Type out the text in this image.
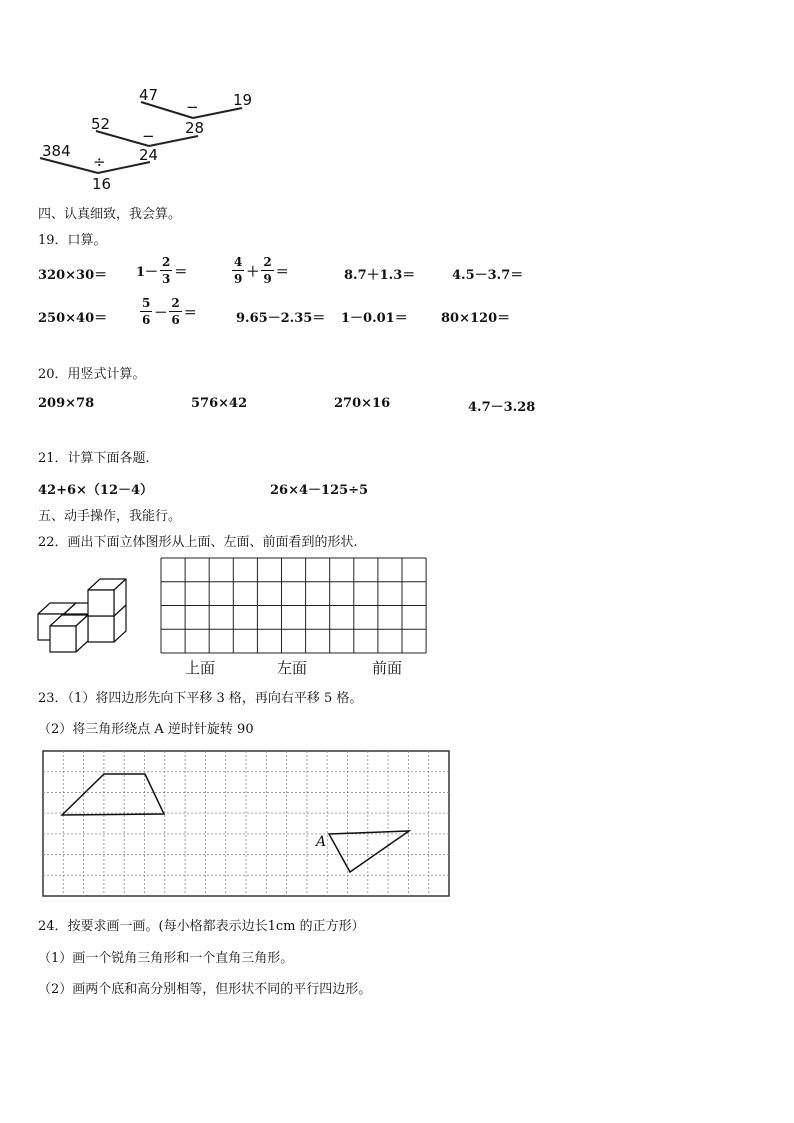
47
− 19
52	28
−
384
÷ 24
16
四、认真细致，我会算。
19．口算。
$320\times 30= 1- \frac{2}{3}$ ＝	$\frac{4}{9} + \frac{2}{9}$ ＝	8.7＋1.3＝	4.5－3.7＝
250×40＝	$\frac{5}{6} - \frac{2}{6}$ ＝	9.65－2.35＝ 1－0.01＝	80×120＝
20．用竖式计算。
209×78	576×42	270×16	4.7－3.28
21．计算下面各题.
42+6×（12－4）	26×4－125÷5
五、动手操作，我能行。
22．画出下面立体图形从上面、左面、前面看到的形状.
上面	左面	前面
23．（1）将四边形先向下平移 3 格，再向右平移 5 格。
（2）将三角形绕点 A 逆时针旋转 90
A
24．按要求画一画。(每小格都表示边长1cm 的正方形）
（1）画一个锐角三角形和一个直角三角形。
（2）画两个底和高分别相等，但形状不同的平行四边形。
